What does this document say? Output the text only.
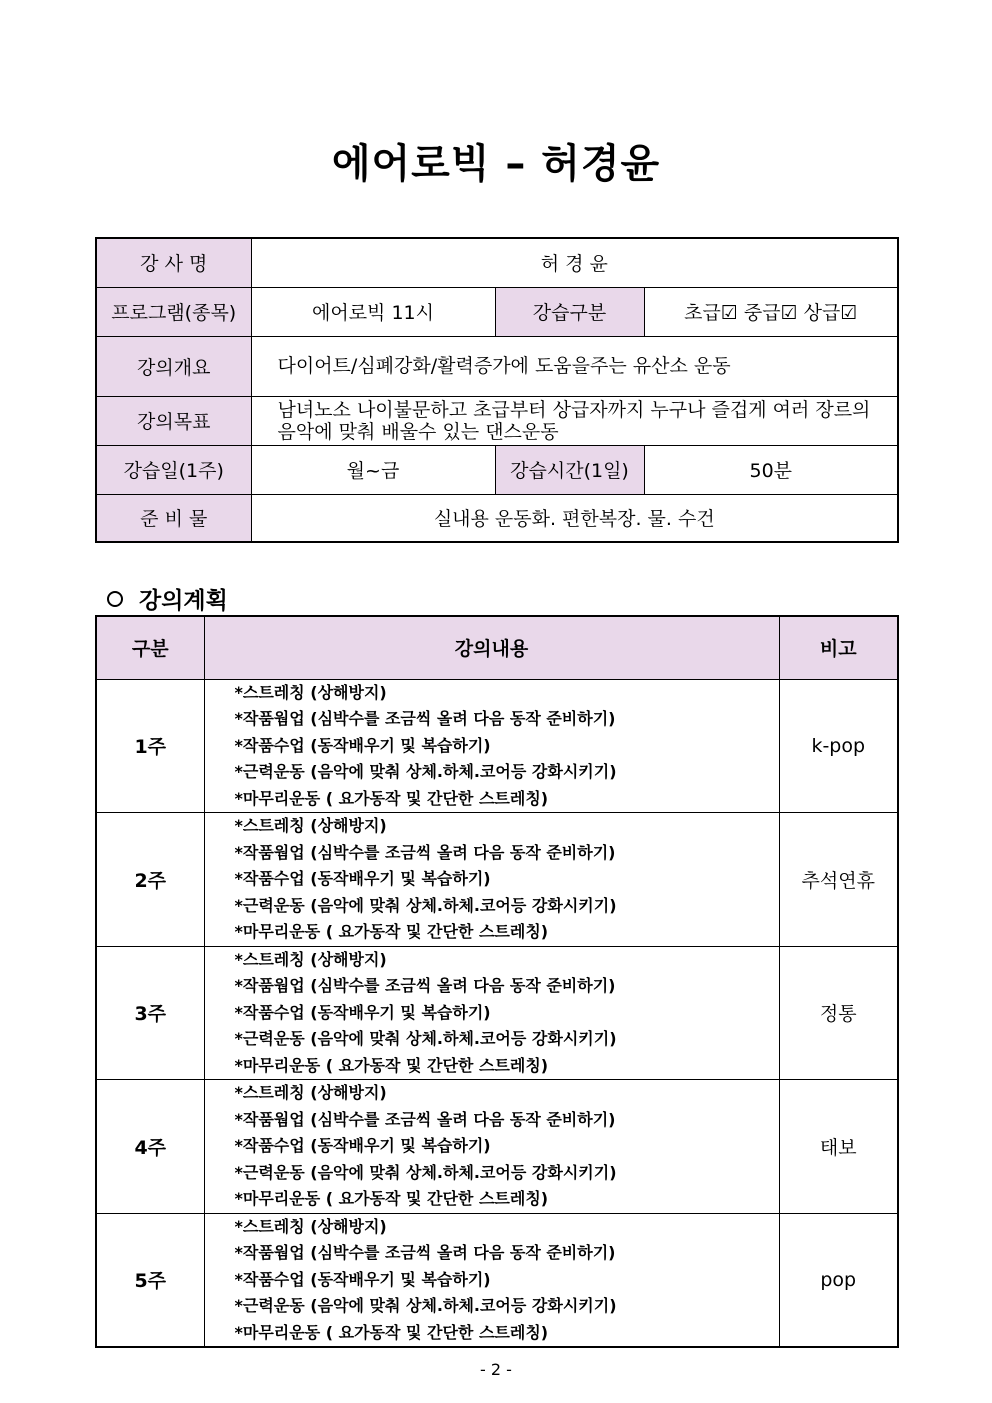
에어로빅 – 허경윤
강 사 명	허 경 윤		
프로그램(종목)	에어로빅 11시	강습구분	초급☑ 중급☑ 상급☑
강의개요	다이어트/심폐강화/활력증가에 도움을주는 유산소 운동		
강의목표	남녀노소 나이불문하고 초급부터 상급자까지 누구나 즐겁게 여러 장르의 음악에 맞춰 배울수 있는 댄스운동		
강습일(1주)	월~금	강습시간(1일)	50분
준 비 물	실내용 운동화. 편한복장. 물. 수건		
강의계획
구분	강의내용	비고
1주	*스트레칭 (상해방지)
*작품웜업 (심박수를 조금씩 올려 다음 동작 준비하기)
*작품수업 (동작배우기 및 복습하기)
*근력운동 (음악에 맞춰 상체.하체.코어등 강화시키기)
*마무리운동 ( 요가동작 및 간단한 스트레칭)	k-pop
2주	*스트레칭 (상해방지)
*작품웜업 (심박수를 조금씩 올려 다음 동작 준비하기)
*작품수업 (동작배우기 및 복습하기)
*근력운동 (음악에 맞춰 상체.하체.코어등 강화시키기)
*마무리운동 ( 요가동작 및 간단한 스트레칭)	추석연휴
3주	*스트레칭 (상해방지)
*작품웜업 (심박수를 조금씩 올려 다음 동작 준비하기)
*작품수업 (동작배우기 및 복습하기)
*근력운동 (음악에 맞춰 상체.하체.코어등 강화시키기)
*마무리운동 ( 요가동작 및 간단한 스트레칭)	정통
4주	*스트레칭 (상해방지)
*작품웜업 (심박수를 조금씩 올려 다음 동작 준비하기)
*작품수업 (동작배우기 및 복습하기)
*근력운동 (음악에 맞춰 상체.하체.코어등 강화시키기)
*마무리운동 ( 요가동작 및 간단한 스트레칭)	태보
5주	*스트레칭 (상해방지)
*작품웜업 (심박수를 조금씩 올려 다음 동작 준비하기)
*작품수업 (동작배우기 및 복습하기)
*근력운동 (음악에 맞춰 상체.하체.코어등 강화시키기)
*마무리운동 ( 요가동작 및 간단한 스트레칭)	pop
- 2 -
